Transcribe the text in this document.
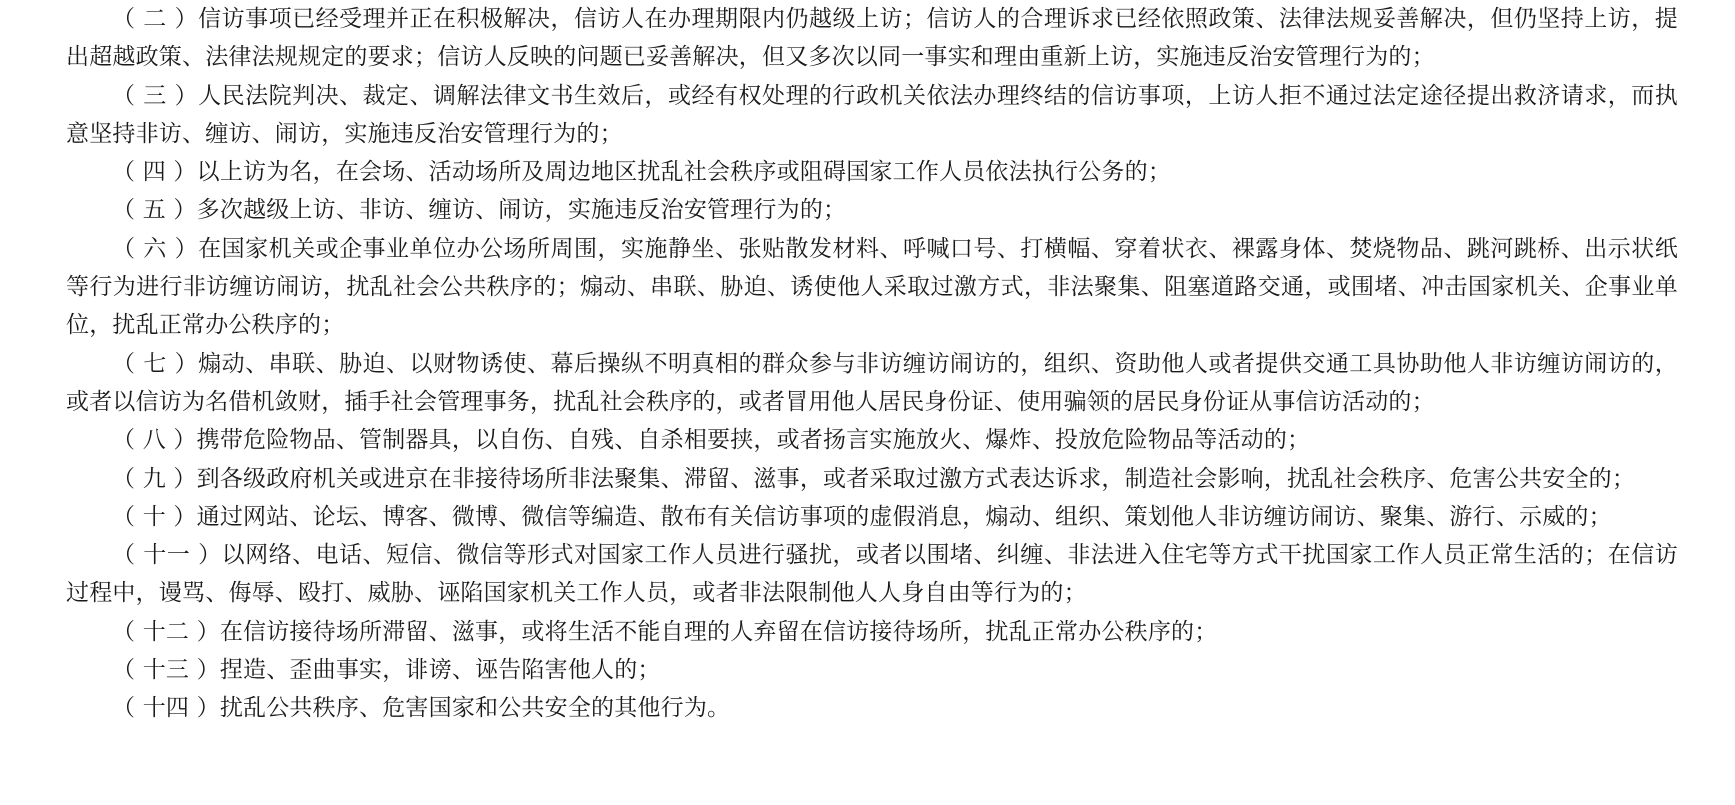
（ 二 ）信访事项已经受理并正在积极解决，信访人在办理期限内仍越级上访；信访人的合理诉求已经依照政策、法律法规妥善解决，但仍坚持上访，提出超越政策、法律法规规定的要求；信访人反映的问题已妥善解决，但又多次以同一事实和理由重新上访，实施违反治安管理行为的；

（ 三 ）人民法院判决、裁定、调解法律文书生效后，或经有权处理的行政机关依法办理终结的信访事项，上访人拒不通过法定途径提出救济请求，而执意坚持非访、缠访、闹访，实施违反治安管理行为的；

（ 四 ）以上访为名，在会场、活动场所及周边地区扰乱社会秩序或阻碍国家工作人员依法执行公务的；

（ 五 ）多次越级上访、非访、缠访、闹访，实施违反治安管理行为的；

（ 六 ）在国家机关或企事业单位办公场所周围，实施静坐、张贴散发材料、呼喊口号、打横幅、穿着状衣、裸露身体、焚烧物品、跳河跳桥、出示状纸等行为进行非访缠访闹访，扰乱社会公共秩序的；煽动、串联、胁迫、诱使他人采取过激方式，非法聚集、阻塞道路交通，或围堵、冲击国家机关、企事业单位，扰乱正常办公秩序的；

（ 七 ）煽动、串联、胁迫、以财物诱使、幕后操纵不明真相的群众参与非访缠访闹访的，组织、资助他人或者提供交通工具协助他人非访缠访闹访的，或者以信访为名借机敛财，插手社会管理事务，扰乱社会秩序的，或者冒用他人居民身份证、使用骗领的居民身份证从事信访活动的；

（ 八 ）携带危险物品、管制器具，以自伤、自残、自杀相要挟，或者扬言实施放火、爆炸、投放危险物品等活动的；

（ 九 ）到各级政府机关或进京在非接待场所非法聚集、滞留、滋事，或者采取过激方式表达诉求，制造社会影响，扰乱社会秩序、危害公共安全的；

（ 十 ）通过网站、论坛、博客、微博、微信等编造、散布有关信访事项的虚假消息，煽动、组织、策划他人非访缠访闹访、聚集、游行、示威的；

（ 十一 ）以网络、电话、短信、微信等形式对国家工作人员进行骚扰，或者以围堵、纠缠、非法进入住宅等方式干扰国家工作人员正常生活的；在信访过程中，谩骂、侮辱、殴打、威胁、诬陷国家机关工作人员，或者非法限制他人人身自由等行为的；

（ 十二 ）在信访接待场所滞留、滋事，或将生活不能自理的人弃留在信访接待场所，扰乱正常办公秩序的；

（ 十三 ）捏造、歪曲事实，诽谤、诬告陷害他人的；

（ 十四 ）扰乱公共秩序、危害国家和公共安全的其他行为。
